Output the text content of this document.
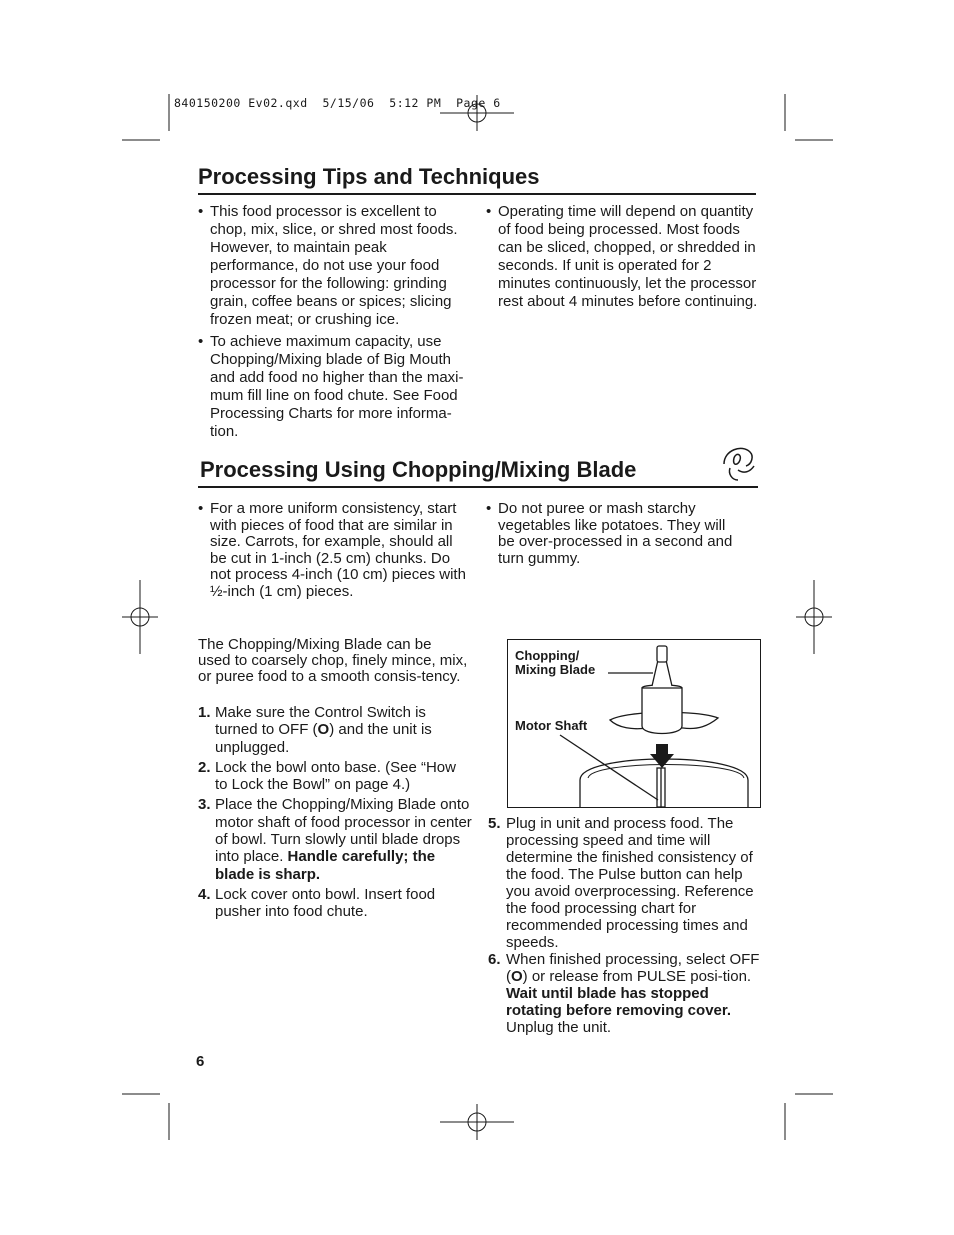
840150200 Ev02.qxd  5/15/06  5:12 PM  Page 6
Processing Tips and Techniques
• This food processor is excellent to chop, mix, slice, or shred most foods. However, to maintain peak performance, do not use your food processor for the following: grinding grain, coffee beans or spices; slicing frozen meat; or crushing ice.
• To achieve maximum capacity, use Chopping/Mixing blade of Big Mouth and add food no higher than the maxi-mum fill line on food chute. See Food Processing Charts for more informa-tion.
• Operating time will depend on quantity of food being processed. Most foods can be sliced, chopped, or shredded in seconds. If unit is operated for 2 minutes continuously, let the processor rest about 4 minutes before continuing.
Processing Using Chopping/Mixing Blade
• For a more uniform consistency, start with pieces of food that are similar in size. Carrots, for example, should all be cut in 1-inch (2.5 cm) chunks. Do not process 4-inch (10 cm) pieces with ½-inch (1 cm) pieces.
• Do not puree or mash starchy vegetables like potatoes. They will be over-processed in a second and turn gummy.

The Chopping/Mixing Blade can be used to coarsely chop, finely mince, mix, or puree food to a smooth consis-tency.

1. Make sure the Control Switch is turned to OFF (O) and the unit is unplugged.
2. Lock the bowl onto base. (See “How to Lock the Bowl” on page 4.)
3. Place the Chopping/Mixing Blade onto motor shaft of food processor in center of bowl. Turn slowly until blade drops into place. Handle carefully; the blade is sharp.
4. Lock cover onto bowl. Insert food pusher into food chute.
Chopping/
Mixing Blade
Motor Shaft
5. Plug in unit and process food. The processing speed and time will determine the finished consistency of the food. The Pulse button can help you avoid overprocessing. Reference the food processing chart for recommended processing times and speeds.
6. When finished processing, select OFF (O) or release from PULSE posi-tion. Wait until blade has stopped rotating before removing cover. Unplug the unit.
6
